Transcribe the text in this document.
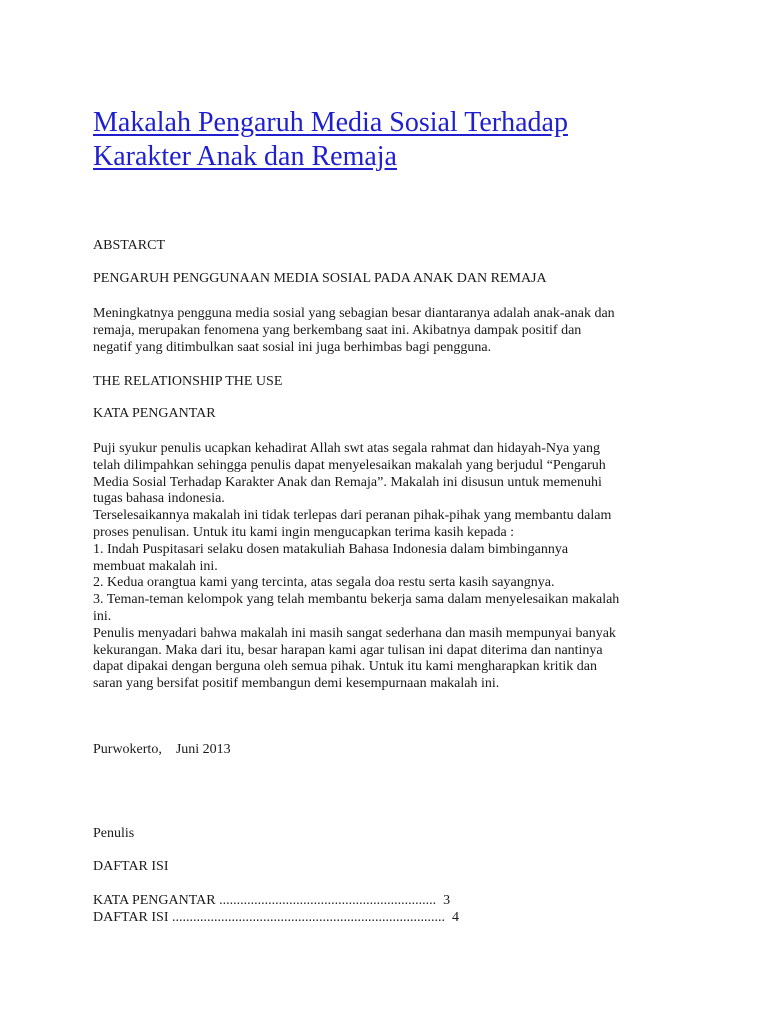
Makalah Pengaruh Media Sosial Terhadap
Karakter Anak dan Remaja

ABSTARCT

PENGARUH PENGGUNAAN MEDIA SOSIAL PADA ANAK DAN REMAJA

Meningkatnya pengguna media sosial yang sebagian besar diantaranya adalah anak-anak dan
remaja, merupakan fenomena yang berkembang saat ini. Akibatnya dampak positif dan
negatif yang ditimbulkan saat sosial ini juga berhimbas bagi pengguna.

THE RELATIONSHIP THE USE

KATA PENGANTAR

Puji syukur penulis ucapkan kehadirat Allah swt atas segala rahmat dan hidayah-Nya yang
telah dilimpahkan sehingga penulis dapat menyelesaikan makalah yang berjudul “Pengaruh
Media Sosial Terhadap Karakter Anak dan Remaja”. Makalah ini disusun untuk memenuhi
tugas bahasa indonesia.
Terselesaikannya makalah ini tidak terlepas dari peranan pihak-pihak yang membantu dalam
proses penulisan. Untuk itu kami ingin mengucapkan terima kasih kepada :
1. Indah Puspitasari selaku dosen matakuliah Bahasa Indonesia dalam bimbingannya
membuat makalah ini.
2. Kedua orangtua kami yang tercinta, atas segala doa restu serta kasih sayangnya.
3. Teman-teman kelompok yang telah membantu bekerja sama dalam menyelesaikan makalah
ini.
Penulis menyadari bahwa makalah ini masih sangat sederhana dan masih mempunyai banyak
kekurangan. Maka dari itu, besar harapan kami agar tulisan ini dapat diterima dan nantinya
dapat dipakai dengan berguna oleh semua pihak. Untuk itu kami mengharapkan kritik dan
saran yang bersifat positif membangun demi kesempurnaan makalah ini.

Purwokerto,    Juni 2013

Penulis

DAFTAR ISI

KATA PENGANTAR .............................................................. 3
DAFTAR ISI .............................................................................. 4
